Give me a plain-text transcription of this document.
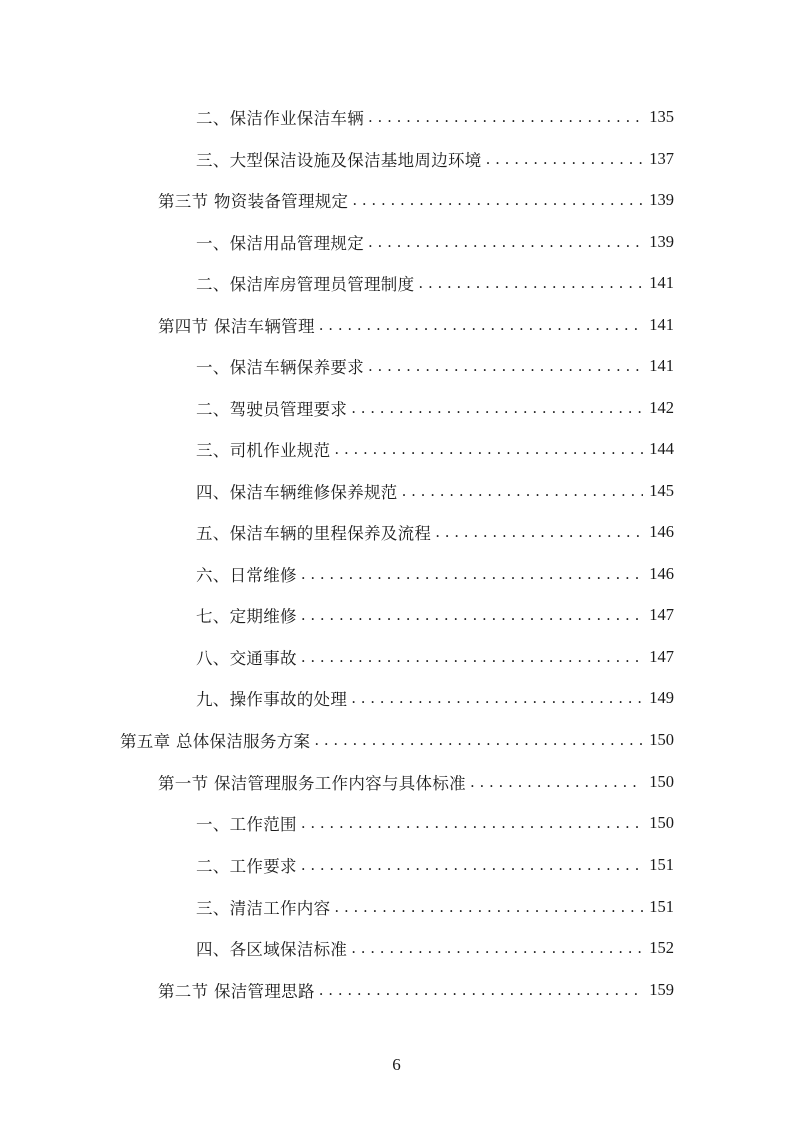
二、保洁作业保洁车辆 . . .	135
三、大型保洁设施及保洁基地周边环境 . . .	137
第三节 物资装备管理规定 . . .	139
一、保洁用品管理规定 . . .	139
二、保洁库房管理员管理制度 . . .	141
第四节 保洁车辆管理 . . .	141
一、保洁车辆保养要求 . . .	141
二、驾驶员管理要求 . . .	142
三、司机作业规范 . . .	144
四、保洁车辆维修保养规范 . . .	145
五、保洁车辆的里程保养及流程 . . .	146
六、日常维修 . . .	146
七、定期维修 . . .	147
八、交通事故 . . .	147
九、操作事故的处理 . . .	149
第五章 总体保洁服务方案 . . .	150
第一节 保洁管理服务工作内容与具体标准 . . .	150
一、工作范围 . . .	150
二、工作要求 . . .	151
三、清洁工作内容 . . .	151
四、各区域保洁标准 . . .	152
第二节 保洁管理思路 . . .	159
6
